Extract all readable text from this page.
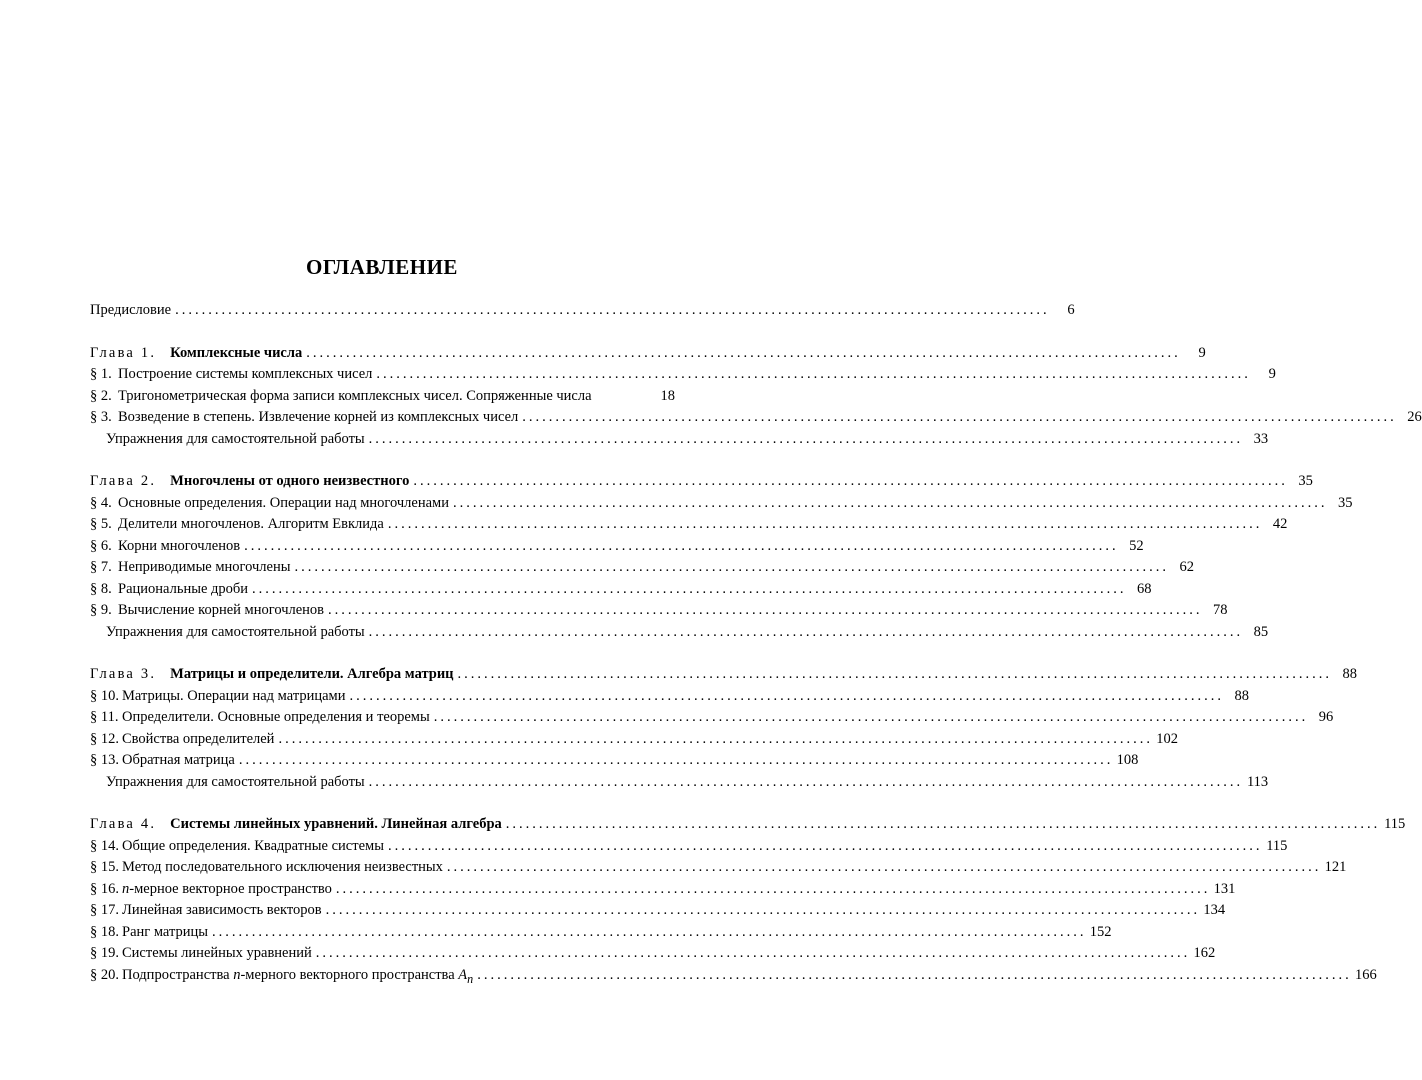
ОГЛАВЛЕНИЕ
Предисловие ....................................................................................................................................	6
Глава 1. Комплексные числа ....................................................................................................................................	9
§ 1. Построение системы комплексных чисел ....................................................................................................................................	9
§ 2. Тригонометрическая форма записи комплексных чисел. Сопряженные числа	18
§ 3. Возведение в степень. Извлечение корней из комплексных чисел .................................................................................................................................... 26
Упражнения для самостоятельной работы .................................................................................................................................... 33
Глава 2. Многочлены от одного неизвестного .................................................................................................................................... 35
§ 4. Основные определения. Операции над многочленами .................................................................................................................................... 35
§ 5. Делители многочленов. Алгоритм Евклида .................................................................................................................................... 42
§ 6. Корни многочленов .................................................................................................................................... 52
§ 7. Неприводимые многочлены .................................................................................................................................... 62
§ 8. Рациональные дроби .................................................................................................................................... 68
§ 9. Вычисление корней многочленов .................................................................................................................................... 78
Упражнения для самостоятельной работы .................................................................................................................................... 85
Глава 3. Матрицы и определители. Алгебра матриц .................................................................................................................................... 88
§ 10. Матрицы. Операции над матрицами .................................................................................................................................... 88
§ 11. Определители. Основные определения и теоремы .................................................................................................................................... 96
§ 12. Свойства определителей .................................................................................................................................... 102
§ 13. Обратная матрица .................................................................................................................................... 108
Упражнения для самостоятельной работы .................................................................................................................................... 113
Глава 4. Системы линейных уравнений. Линейная алгебра .................................................................................................................................... 115
§ 14. Общие определения. Квадратные системы .................................................................................................................................... 115
§ 15. Метод последовательного исключения неизвестных .................................................................................................................................... 121
§ 16. n-мерное векторное пространство .................................................................................................................................... 131
§ 17. Линейная зависимость векторов .................................................................................................................................... 134
§ 18. Ранг матрицы .................................................................................................................................... 152
§ 19. Системы линейных уравнений .................................................................................................................................... 162
§ 20. Подпространства n-мерного векторного пространства $A_n$ .................................................................................................................................... 166
